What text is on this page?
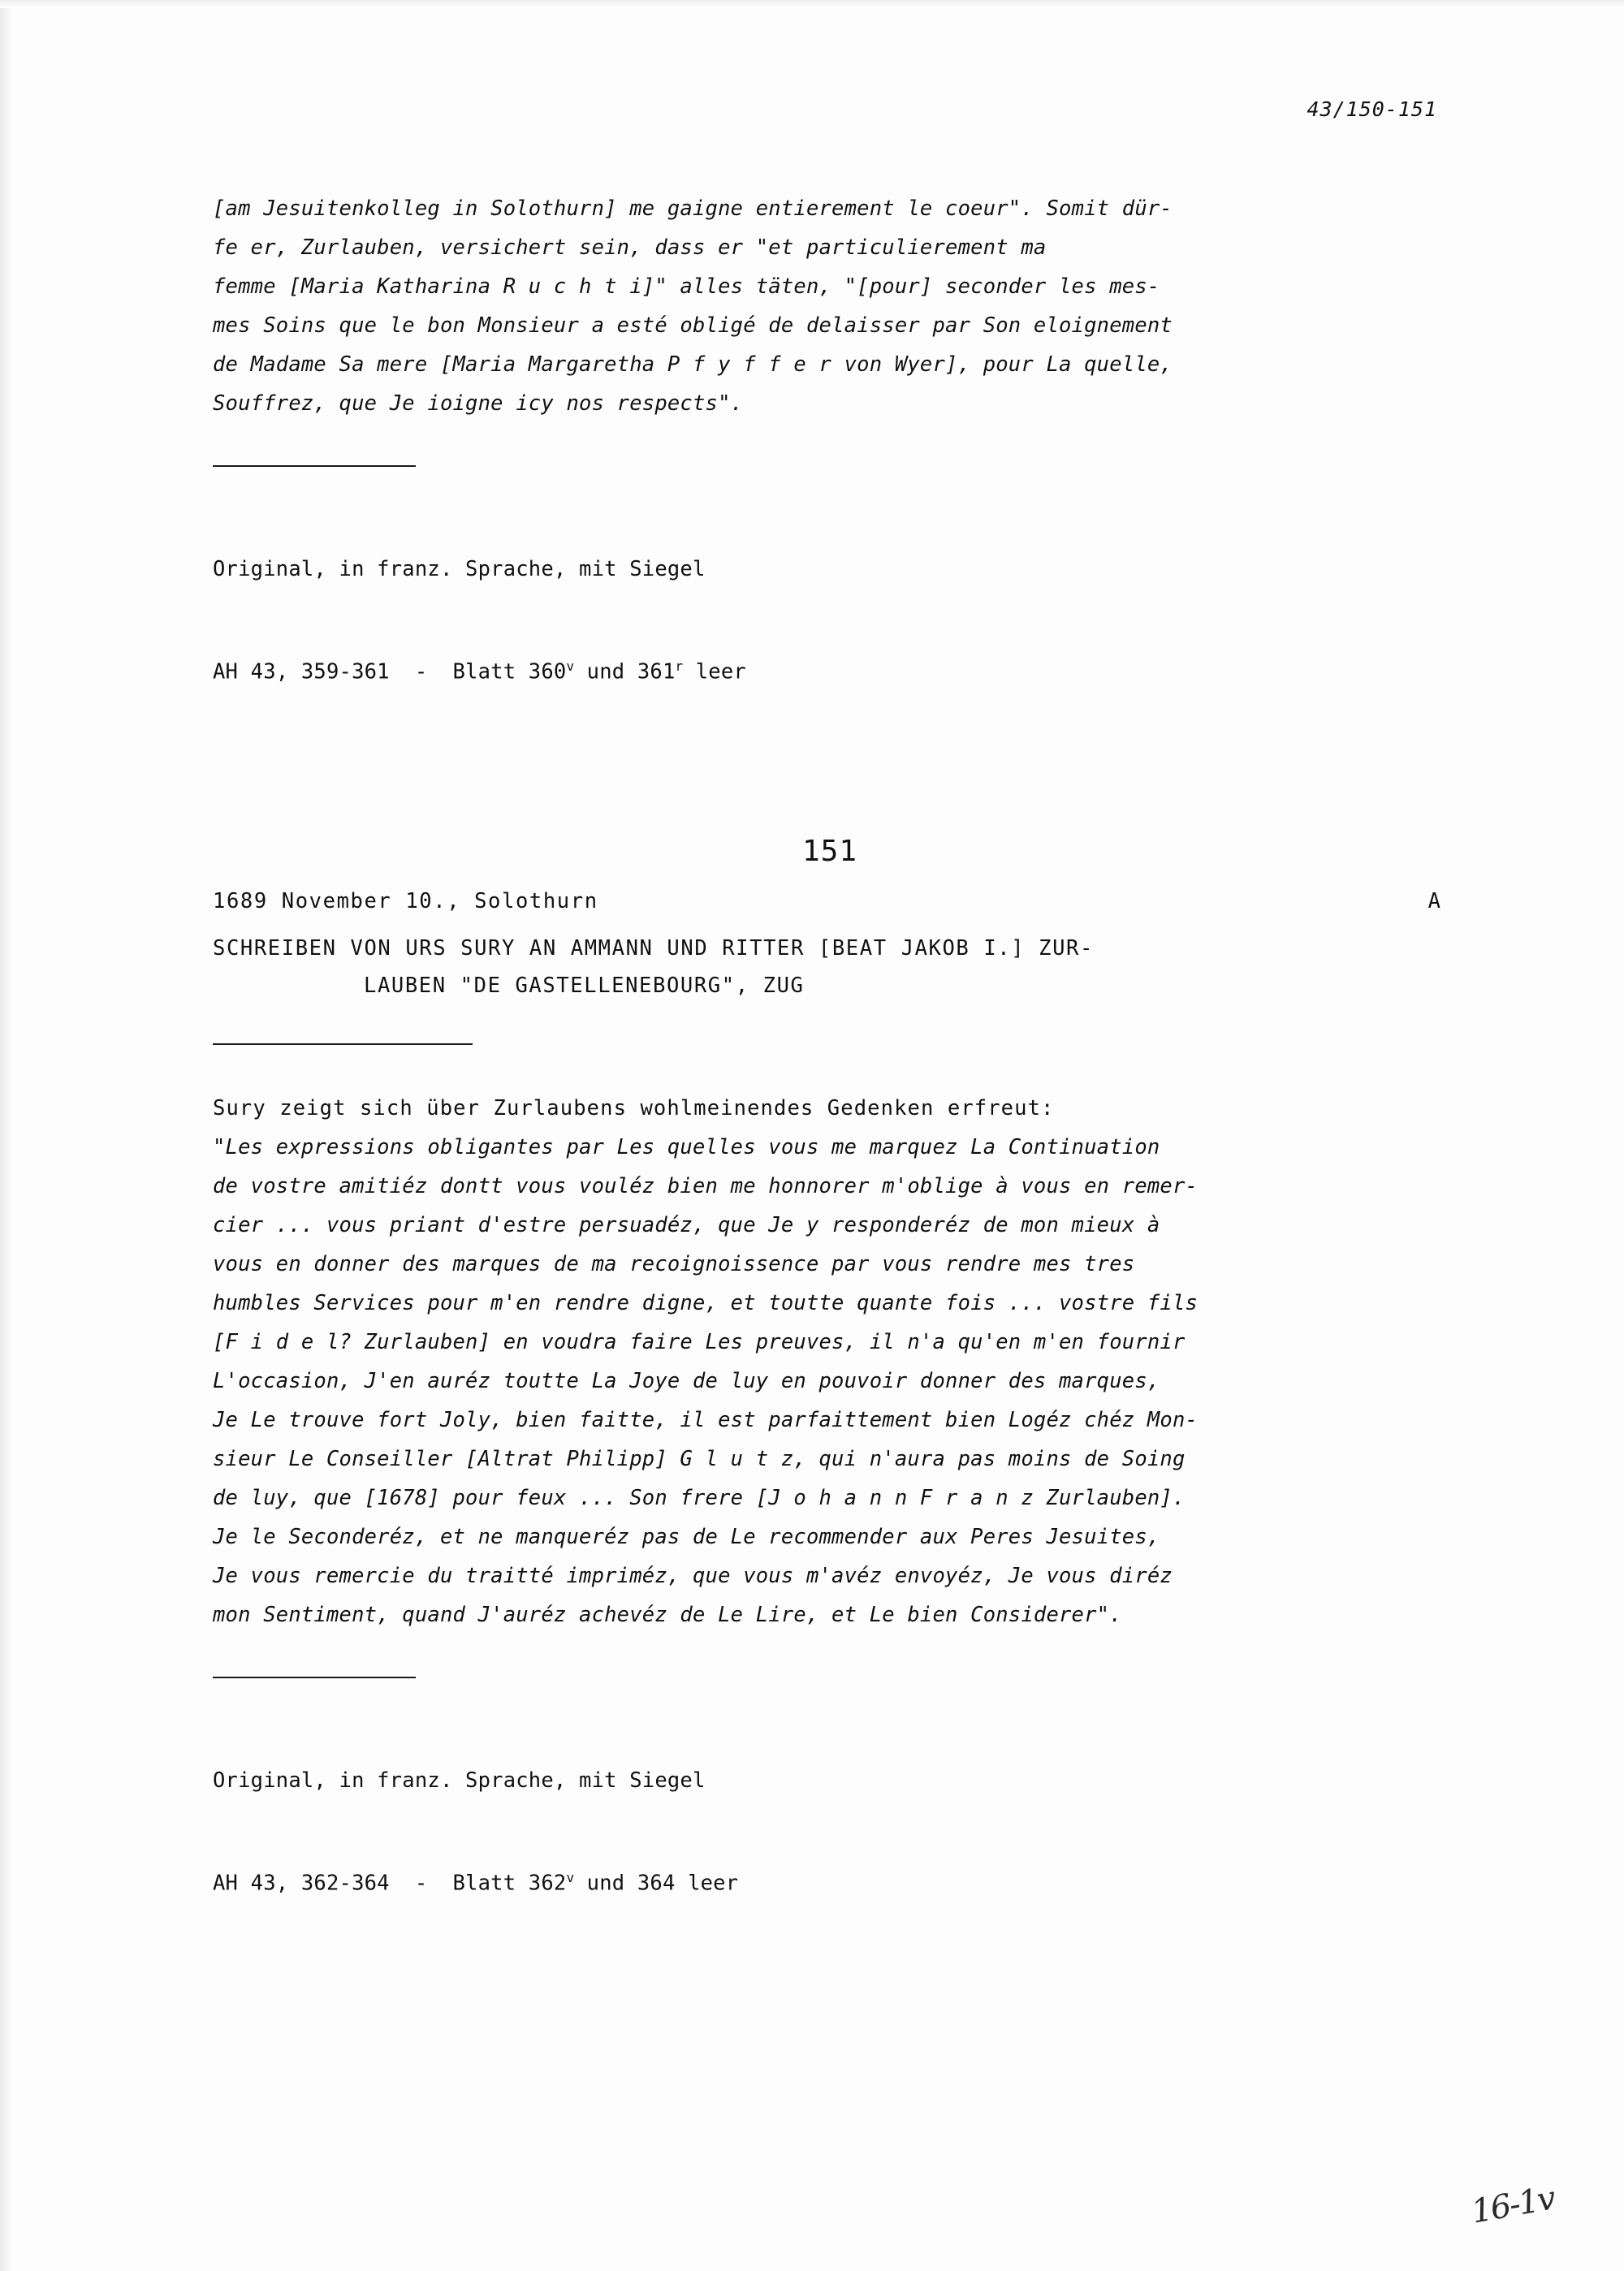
43/150-151

[am Jesuitenkolleg in Solothurn] me gaigne entierement le coeur". Somit dür-

fe er, Zurlauben, versichert sein, dass er "et particulierement ma

femme [Maria Katharina R u c h t i]" alles täten, "[pour] seconder les mes-

mes Soins que le bon Monsieur a esté obligé de delaisser par Son eloignement

de Madame Sa mere [Maria Margaretha P f y f f e r von Wyer], pour La quelle,

Souffrez, que Je ioigne icy nos respects".

Original, in franz. Sprache, mit Siegel

AH 43, 359-361  -  Blatt 360$^v$ und 361$^r$ leer

151

1689 November 10., Solothurn	A

SCHREIBEN VON URS SURY AN AMMANN UND RITTER [BEAT JAKOB I.] ZUR-

LAUBEN "DE GASTELLENEBOURG", ZUG

Sury zeigt sich über Zurlaubens wohlmeinendes Gedenken erfreut:

"Les expressions obligantes par Les quelles vous me marquez La Continuation

de vostre amitiéz dontt vous vouléz bien me honnorer m'oblige à vous en remer-

cier ... vous priant d'estre persuadéz, que Je y responderéz de mon mieux à

vous en donner des marques de ma recoignoissence par vous rendre mes tres

humbles Services pour m'en rendre digne, et toutte quante fois ... vostre fils

[F i d e l? Zurlauben] en voudra faire Les preuves, il n'a qu'en m'en fournir

L'occasion, J'en auréz toutte La Joye de luy en pouvoir donner des marques,

Je Le trouve fort Joly, bien faitte, il est parfaittement bien Logéz chéz Mon-

sieur Le Conseiller [Altrat Philipp] G l u t z, qui n'aura pas moins de Soing

de luy, que [1678] pour feux ... Son frere [J o h a n n F r a n z Zurlauben].

Je le Seconderéz, et ne manqueréz pas de Le recommender aux Peres Jesuites,

Je vous remercie du traitté impriméz, que vous m'avéz envoyéz, Je vous diréz

mon Sentiment, quand J'auréz achevéz de Le Lire, et Le bien Considerer".

Original, in franz. Sprache, mit Siegel

AH 43, 362-364  -  Blatt 362$^v$ und 364 leer

16-1v
